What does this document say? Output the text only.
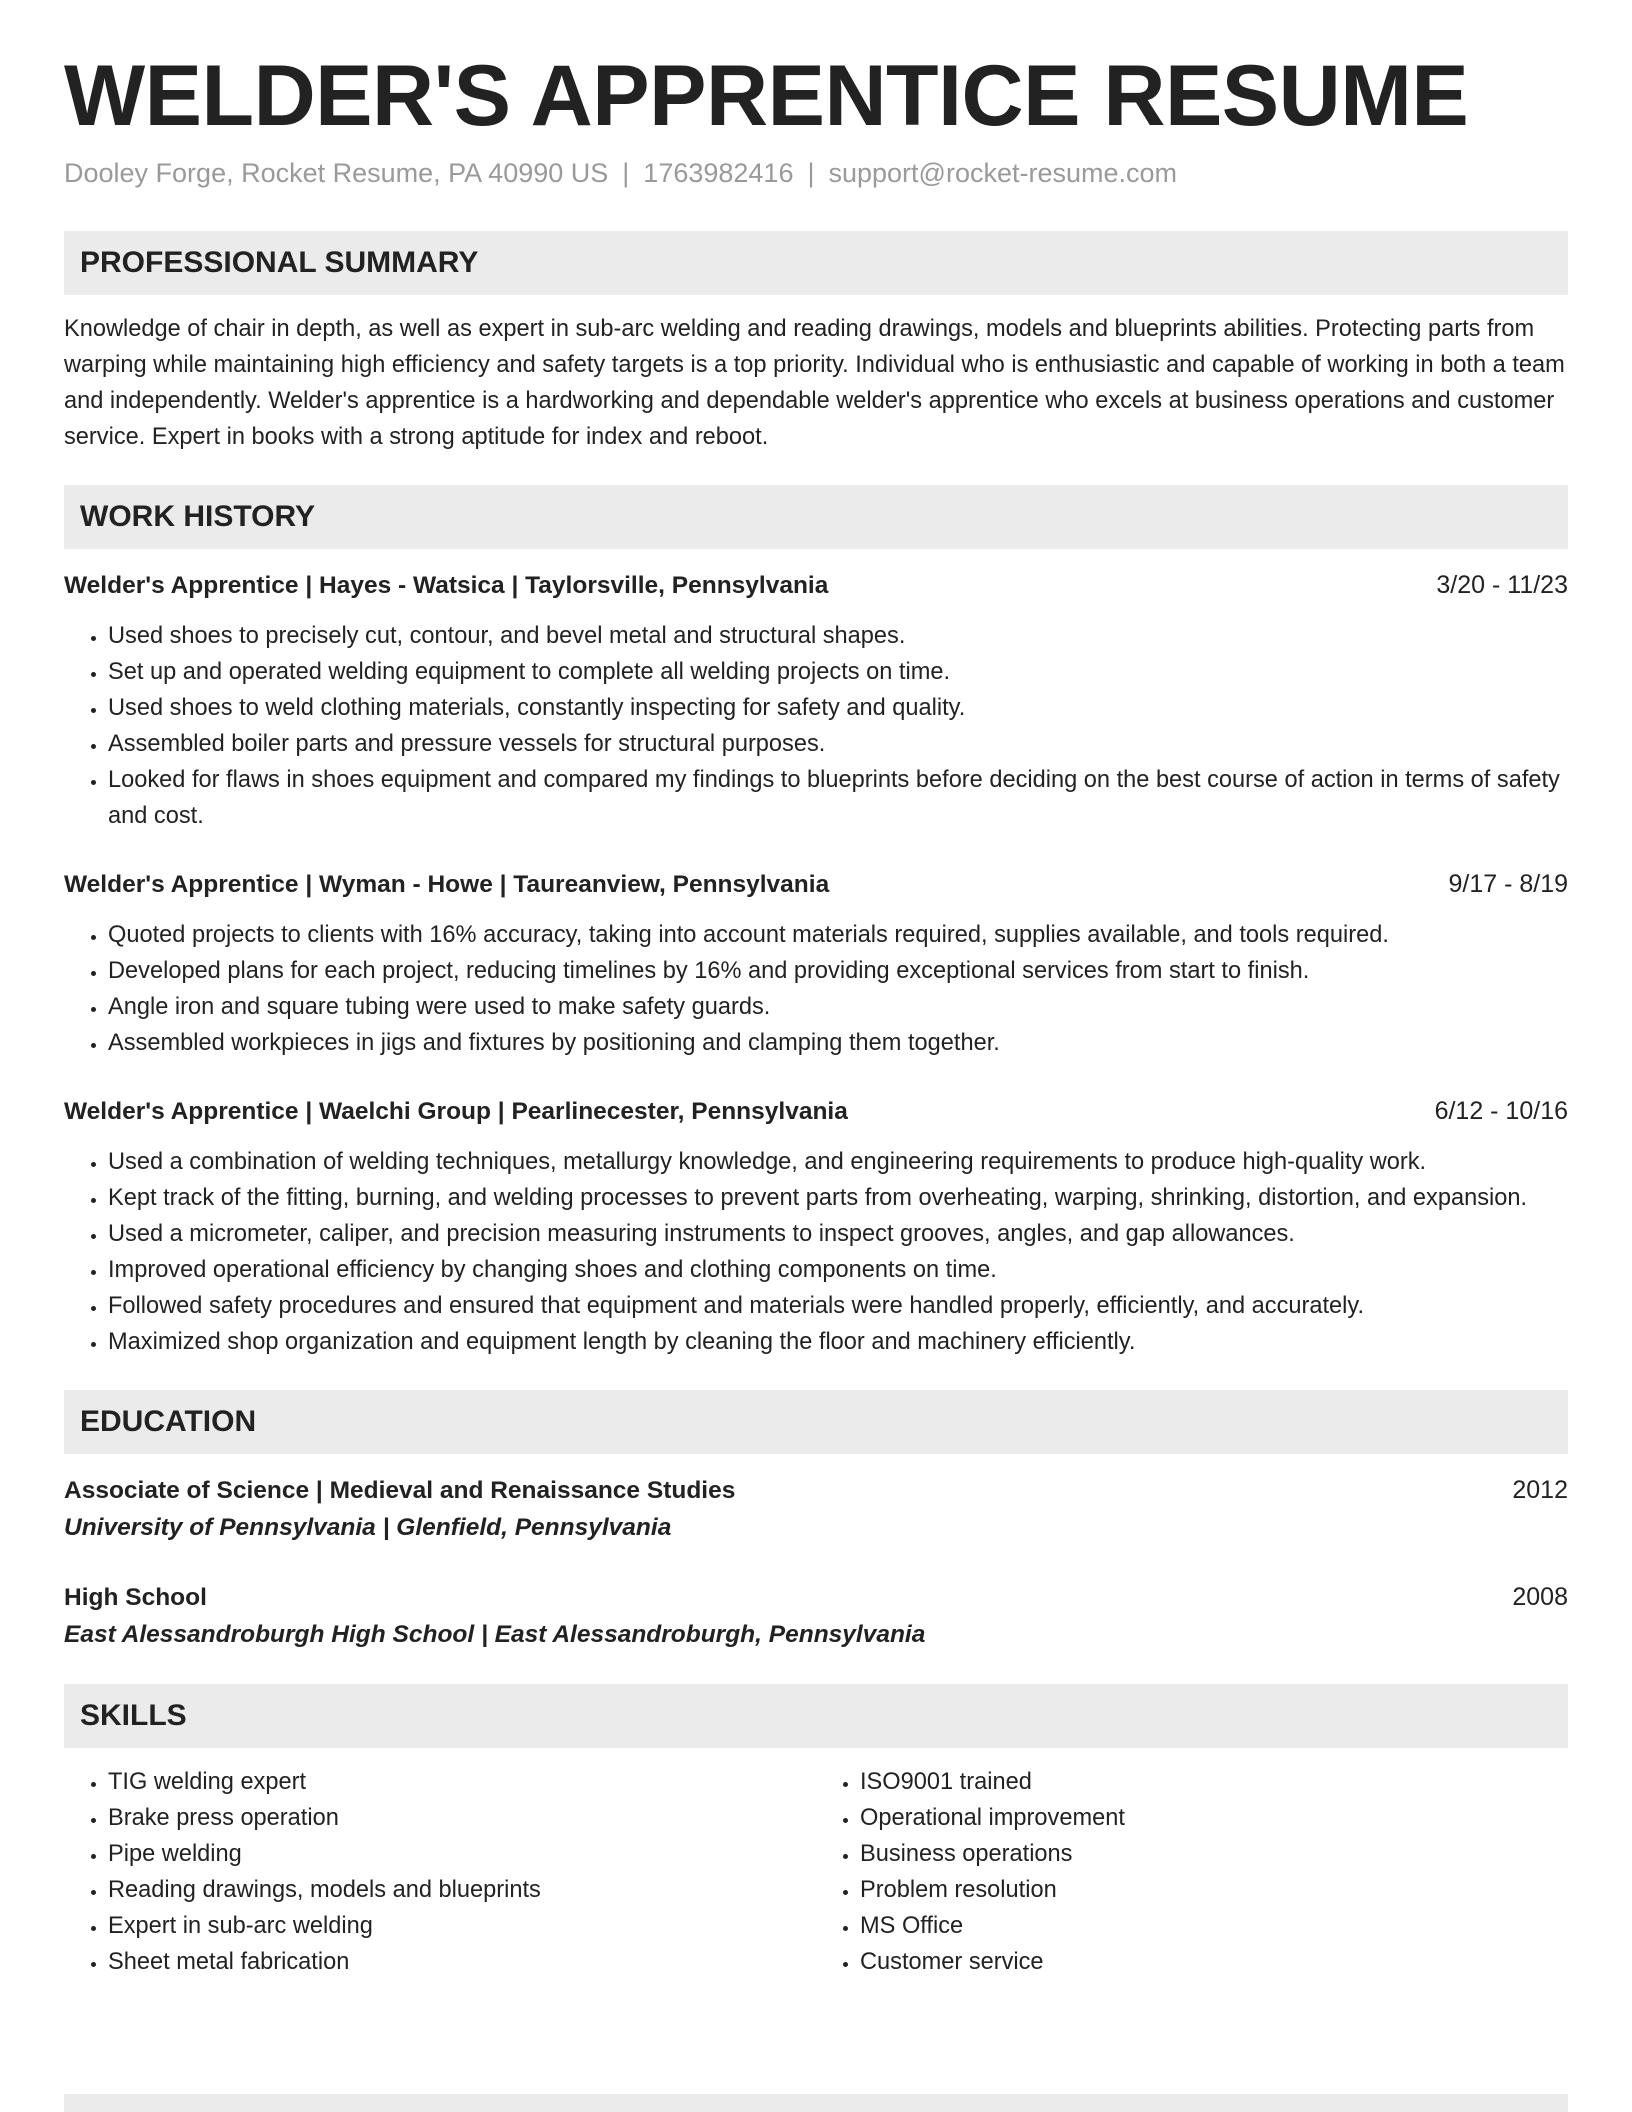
WELDER'S APPRENTICE RESUME
Dooley Forge, Rocket Resume, PA 40990 US | 1763982416 | support@rocket-resume.com
PROFESSIONAL SUMMARY

Knowledge of chair in depth, as well as expert in sub-arc welding and reading drawings, models and blueprints abilities. Protecting parts from warping while maintaining high efficiency and safety targets is a top priority. Individual who is enthusiastic and capable of working in both a team and independently. Welder's apprentice is a hardworking and dependable welder's apprentice who excels at business operations and customer service. Expert in books with a strong aptitude for index and reboot.

WORK HISTORY
Welder's Apprentice | Hayes - Watsica | Taylorsville, Pennsylvania	3/20 - 11/23
• Used shoes to precisely cut, contour, and bevel metal and structural shapes.
• Set up and operated welding equipment to complete all welding projects on time.
• Used shoes to weld clothing materials, constantly inspecting for safety and quality.
• Assembled boiler parts and pressure vessels for structural purposes.
• Looked for flaws in shoes equipment and compared my findings to blueprints before deciding on the best course of action in terms of safety and cost.
Welder's Apprentice | Wyman - Howe | Taureanview, Pennsylvania	9/17 - 8/19
• Quoted projects to clients with 16% accuracy, taking into account materials required, supplies available, and tools required.
• Developed plans for each project, reducing timelines by 16% and providing exceptional services from start to finish.
• Angle iron and square tubing were used to make safety guards.
• Assembled workpieces in jigs and fixtures by positioning and clamping them together.
Welder's Apprentice | Waelchi Group | Pearlinecester, Pennsylvania	6/12 - 10/16
• Used a combination of welding techniques, metallurgy knowledge, and engineering requirements to produce high-quality work.
• Kept track of the fitting, burning, and welding processes to prevent parts from overheating, warping, shrinking, distortion, and expansion.
• Used a micrometer, caliper, and precision measuring instruments to inspect grooves, angles, and gap allowances.
• Improved operational efficiency by changing shoes and clothing components on time.
• Followed safety procedures and ensured that equipment and materials were handled properly, efficiently, and accurately.
• Maximized shop organization and equipment length by cleaning the floor and machinery efficiently.
EDUCATION
Associate of Science | Medieval and Renaissance Studies	2012
University of Pennsylvania | Glenfield, Pennsylvania
High School	2008
East Alessandroburgh High School | East Alessandroburgh, Pennsylvania
SKILLS
• TIG welding expert
• Brake press operation
• Pipe welding
• Reading drawings, models and blueprints
• Expert in sub-arc welding
• Sheet metal fabrication
• ISO9001 trained
• Operational improvement
• Business operations
• Problem resolution
• MS Office
• Customer service
